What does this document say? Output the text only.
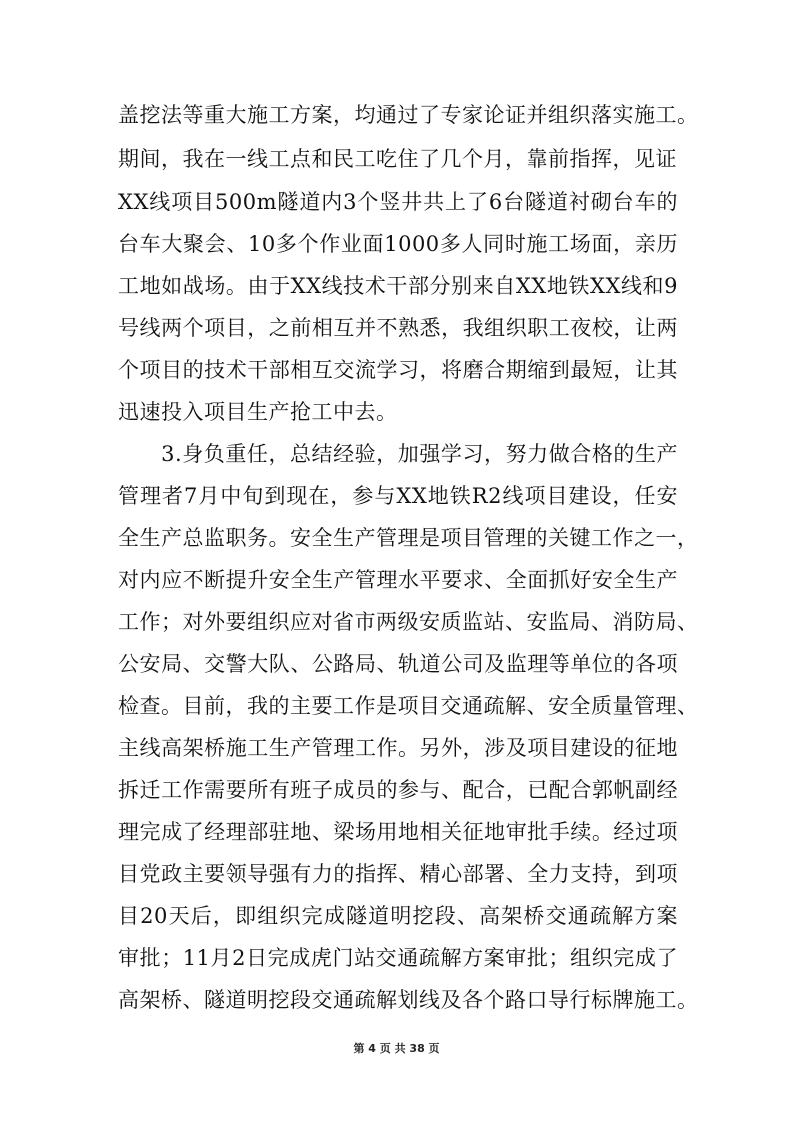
盖挖法等重大施工方案，均通过了专家论证并组织落实施工。
期间，我在一线工点和民工吃住了几个月，靠前指挥，见证
XX线项目500m隧道内3个竖井共上了6台隧道衬砌台车的
台车大聚会、10多个作业面1000多人同时施工场面，亲历
工地如战场。由于XX线技术干部分别来自XX地铁XX线和9
号线两个项目，之前相互并不熟悉，我组织职工夜校，让两
个项目的技术干部相互交流学习，将磨合期缩到最短，让其
迅速投入项目生产抢工中去。
　　3.身负重任，总结经验，加强学习，努力做合格的生产
管理者7月中旬到现在，参与XX地铁R2线项目建设，任安
全生产总监职务。安全生产管理是项目管理的关键工作之一，
对内应不断提升安全生产管理水平要求、全面抓好安全生产
工作；对外要组织应对省市两级安质监站、安监局、消防局、
公安局、交警大队、公路局、轨道公司及监理等单位的各项
检查。目前，我的主要工作是项目交通疏解、安全质量管理、
主线高架桥施工生产管理工作。另外，涉及项目建设的征地
拆迁工作需要所有班子成员的参与、配合，已配合郭帆副经
理完成了经理部驻地、梁场用地相关征地审批手续。经过项
目党政主要领导强有力的指挥、精心部署、全力支持，到项
目20天后，即组织完成隧道明挖段、高架桥交通疏解方案
审批；11月2日完成虎门站交通疏解方案审批；组织完成了
高架桥、隧道明挖段交通疏解划线及各个路口导行标牌施工。
第 4 页 共 38 页
